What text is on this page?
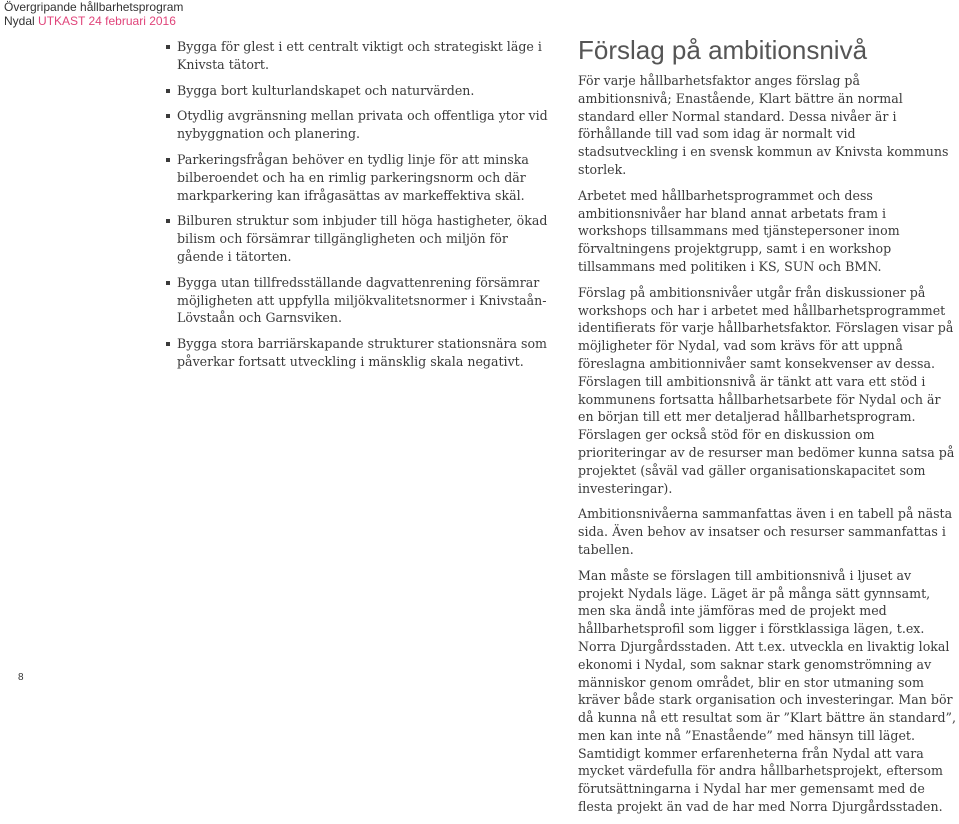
Övergripande hållbarhetsprogram
Nydal UTKAST 24 februari 2016
Bygga för glest i ett centralt viktigt och strategiskt läge i Knivsta tätort.
Bygga bort kulturlandskapet och naturvärden.
Otydlig avgränsning mellan privata och offentliga ytor vid nybyggnation och planering.
Parkeringsfrågan behöver en tydlig linje för att minska bilberoendet och ha en rimlig parkeringsnorm och där markparkering kan ifrågasättas av markeffektiva skäl.
Bilburen struktur som inbjuder till höga hastigheter, ökad bilism och försämrar tillgängligheten och miljön för gående i tätorten.
Bygga utan tillfredsställande dagvattenrening försämrar möjligheten att uppfylla miljökvalitetsnormer i Knivstaån-Lövstaån och Garnsviken.
Bygga stora barriärskapande strukturer stationsnära som påverkar fortsatt utveckling i mänsklig skala negativt.
Förslag på ambitionsnivå

För varje hållbarhetsfaktor anges förslag på ambitionsnivå; Enastående, Klart bättre än normal standard eller Normal standard. Dessa nivåer är i förhållande till vad som idag är normalt vid stadsutveckling i en svensk kommun av Knivsta kommuns storlek.

Arbetet med hållbarhetsprogrammet och dess ambitionsnivåer har bland annat arbetats fram i workshops tillsammans med tjänstepersoner inom förvaltningens projektgrupp, samt i en workshop tillsammans med politiken i KS, SUN och BMN.

Förslag på ambitionsnivåer utgår från diskussioner på workshops och har i arbetet med hållbarhetsprogrammet identifierats för varje hållbarhetsfaktor. Förslagen visar på möjligheter för Nydal, vad som krävs för att uppnå föreslagna ambitionnivåer samt konsekvenser av dessa. Förslagen till ambitionsnivå är tänkt att vara ett stöd i kommunens fortsatta hållbarhetsarbete för Nydal och är en början till ett mer detaljerad hållbarhetsprogram. Förslagen ger också stöd för en diskussion om prioriteringar av de resurser man bedömer kunna satsa på projektet (såväl vad gäller organisationskapacitet som investeringar).

Ambitionsnivåerna sammanfattas även i en tabell på nästa sida. Även behov av insatser och resurser sammanfattas i tabellen.

Man måste se förslagen till ambitionsnivå i ljuset av projekt Nydals läge. Läget är på många sätt gynnsamt, men ska ändå inte jämföras med de projekt med hållbarhetsprofil som ligger i förstklassiga lägen, t.ex. Norra Djurgårdsstaden. Att t.ex. utveckla en livaktig lokal ekonomi i Nydal, som saknar stark genomströmning av människor genom området, blir en stor utmaning som kräver både stark organisation och investeringar. Man bör då kunna nå ett resultat som är ”Klart bättre än standard”, men kan inte nå ”Enastående” med hänsyn till läget. Samtidigt kommer erfarenheterna från Nydal att vara mycket värdefulla för andra hållbarhetsprojekt, eftersom förutsättningarna i Nydal har mer gemensamt med de flesta projekt än vad de har med Norra Djurgårdsstaden.

8
